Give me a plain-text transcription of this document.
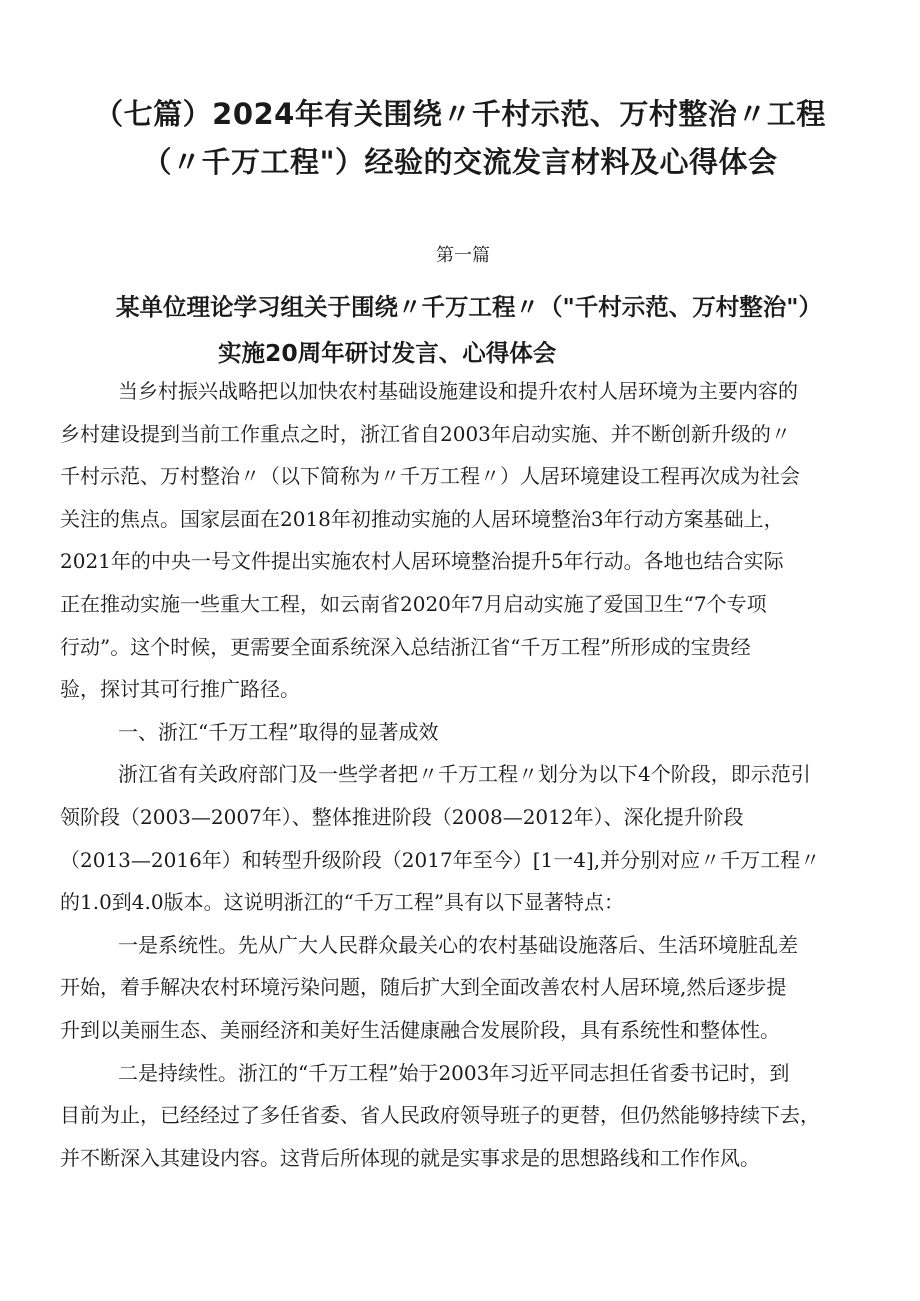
（七篇）2024年有关围绕〃千村示范、万村整治〃工程
（〃千万工程"）经验的交流发言材料及心得体会
第一篇
某单位理论学习组关于围绕〃千万工程〃（"千村示范、万村整治"）
实施20周年研讨发言、心得体会
当乡村振兴战略把以加快农村基础设施建设和提升农村人居环境为主要内容的
乡村建设提到当前工作重点之时，浙江省自2003年启动实施、并不断创新升级的〃
千村示范、万村整治〃（以下简称为〃千万工程〃）人居环境建设工程再次成为社会
关注的焦点。国家层面在2018年初推动实施的人居环境整治3年行动方案基础上，
2021年的中央一号文件提出实施农村人居环境整治提升5年行动。各地也结合实际
正在推动实施一些重大工程，如云南省2020年7月启动实施了爱国卫生“7个专项
行动”。这个时候，更需要全面系统深入总结浙江省“千万工程”所形成的宝贵经
验，探讨其可行推广路径。
一、浙江“千万工程”取得的显著成效
浙江省有关政府部门及一些学者把〃千万工程〃划分为以下4个阶段，即示范引
领阶段（2003—2007年）、整体推进阶段（2008—2012年）、深化提升阶段
（2013—2016年）和转型升级阶段（2017年至今）[1一4],并分别对应〃千万工程〃
的1.0到4.0版本。这说明浙江的“千万工程”具有以下显著特点：
一是系统性。先从广大人民群众最关心的农村基础设施落后、生活环境脏乱差
开始，着手解决农村环境污染问题，随后扩大到全面改善农村人居环境,然后逐步提
升到以美丽生态、美丽经济和美好生活健康融合发展阶段，具有系统性和整体性。
二是持续性。浙江的“千万工程”始于2003年习近平同志担任省委书记时，到
目前为止，已经经过了多任省委、省人民政府领导班子的更替，但仍然能够持续下去，
并不断深入其建设内容。这背后所体现的就是实事求是的思想路线和工作作风。
